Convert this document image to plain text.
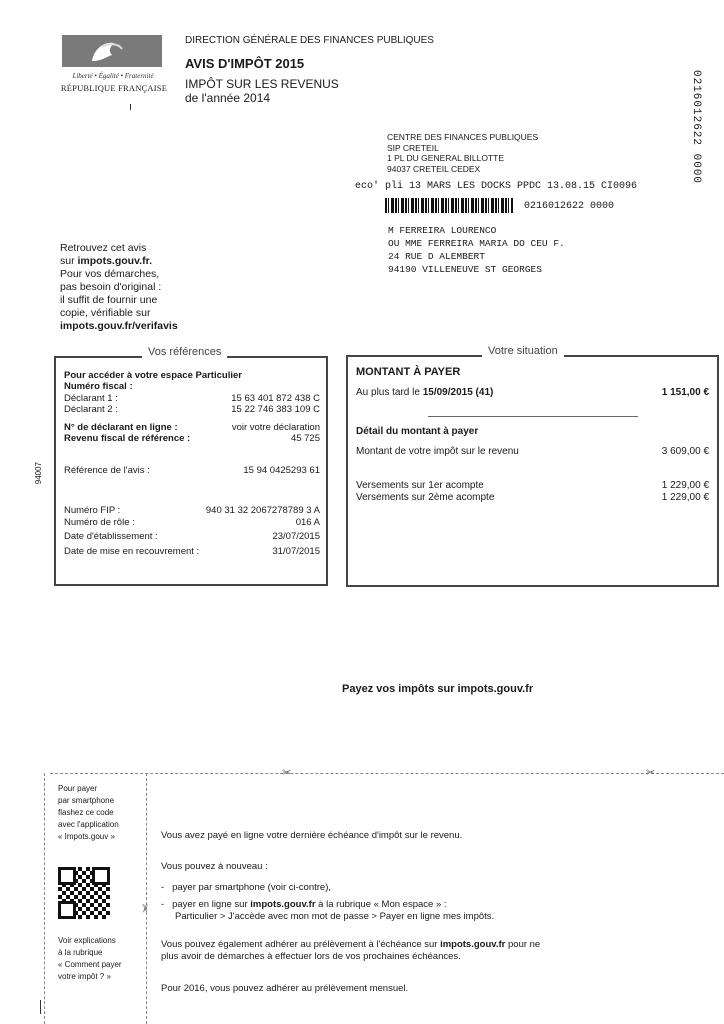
Liberté • Égalité • Fraternité
RÉPUBLIQUE FRANÇAISE
DIRECTION GÉNÉRALE DES FINANCES PUBLIQUES
AVIS D'IMPÔT 2015
IMPÔT SUR LES REVENUS
de l'année 2014	0216012622 0000
CENTRE DES FINANCES PUBLIQUES
SIP CRETEIL
1 PL DU GENERAL BILLOTTE
94037 CRETEIL CEDEX
eco' pli 13 MARS LES DOCKS PPDC 13.08.15 CI0096
0216012622 0000
M FERREIRA LOURENCO
OU MME FERREIRA MARIA DO CEU F.
24 RUE D ALEMBERT
94190 VILLENEUVE ST GEORGES
Retrouvez cet avis
sur impots.gouv.fr.
Pour vos démarches,
pas besoin d'original :
il suffit de fournir une
copie, vérifiable sur
impots.gouv.fr/verifavis
Pour accéder à votre espace Particulier
Numéro fiscal :
Déclarant 1 :	15 63 401 872 438 C
Déclarant 2 :	15 22 746 383 109 C
N° de déclarant en ligne :	voir votre déclaration
Revenu fiscal de référence :	45 725
Référence de l'avis :	15 94 0425293 61
Numéro FIP :	940 31 32 2067278789 3 A
Numéro de rôle :	016 A
Date d'établissement :	23/07/2015
Date de mise en recouvrement :	31/07/2015
Vos références
94007
MONTANT À PAYER
Au plus tard le 15/09/2015 (41)	1 151,00 €
Détail du montant à payer
Montant de votre impôt sur le revenu	3 609,00 €
Versements sur 1er acompte	1 229,00 €
Versements sur 2ème acompte	1 229,00 €
Votre situation
Payez vos impôts sur impots.gouv.fr
✂	✂
✂
Pour payer
par smartphone
flashez ce code
avec l'application
« Impots.gouv »
Voir explications
à la rubrique
« Comment payer
votre impôt ? »
Vous avez payé en ligne votre dernière échéance d'impôt sur le revenu.
Vous pouvez à nouveau :
-   payer par smartphone (voir ci-contre),
-   payer en ligne sur impots.gouv.fr à la rubrique « Mon espace » :
Particulier > J'accède avec mon mot de passe > Payer en ligne mes impôts.
Vous pouvez également adhérer au prélèvement à l'échéance sur impots.gouv.fr pour ne
plus avoir de démarches à effectuer lors de vos prochaines échéances.
Pour 2016, vous pouvez adhérer au prélèvement mensuel.
